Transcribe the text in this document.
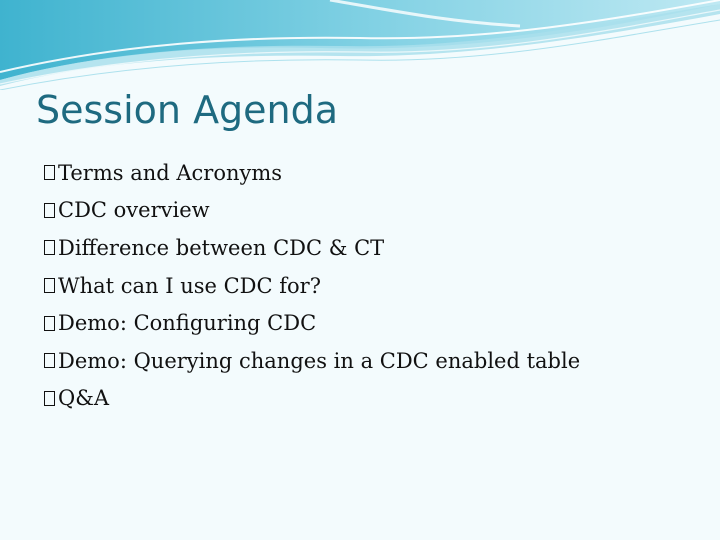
Session Agenda
Terms and Acronyms
CDC overview
Difference between CDC & CT
What can I use CDC for?
Demo: Configuring CDC
Demo: Querying changes in a CDC enabled table
Q&A
